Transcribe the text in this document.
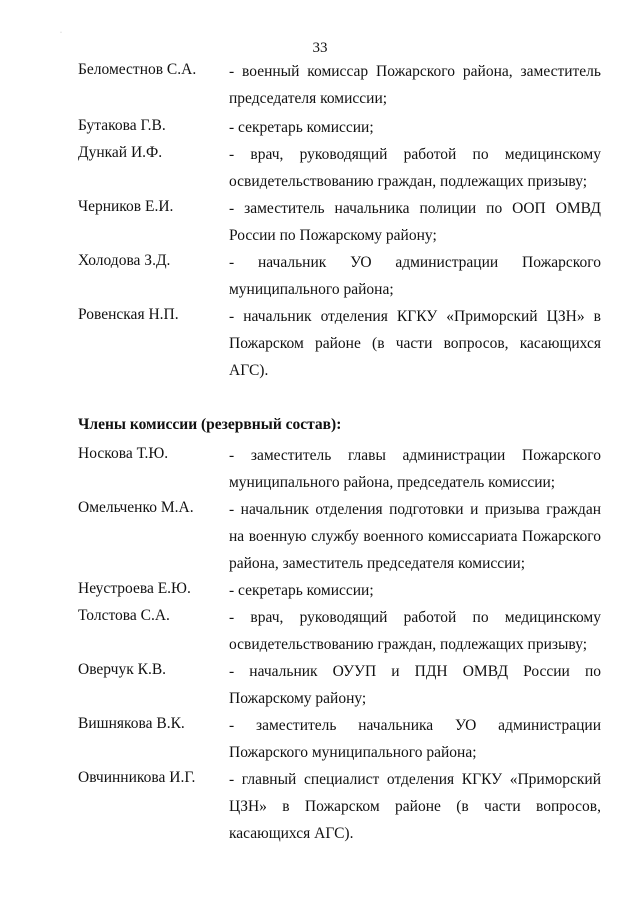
·
33
Беломестнов С.А.	- военный комиссар Пожарского района, заместитель председателя комиссии;
Бутакова Г.В.	- секретарь комиссии;
Дункай И.Ф.	- врач, руководящий работой по медицинскому освидетельствованию граждан, подлежащих призыву;
Черников Е.И.	- заместитель начальника полиции по ООП ОМВД России по Пожарскому району;
Холодова З.Д.	- начальник УО администрации Пожарского муниципального района;
Ровенская Н.П.	- начальник отделения КГКУ «Приморский ЦЗН» в Пожарском районе (в части вопросов, касающихся АГС).
Члены комиссии (резервный состав):
Носкова Т.Ю.	- заместитель главы администрации Пожарского муниципального района, председатель комиссии;
Омельченко М.А.	- начальник отделения подготовки и призыва граждан на военную службу военного комиссариата Пожарского района, заместитель председателя комиссии;
Неустроева Е.Ю.	- секретарь комиссии;
Толстова С.А.	- врач, руководящий работой по медицинскому освидетельствованию граждан, подлежащих призыву;
Оверчук К.В.	- начальник ОУУП и ПДН ОМВД России по Пожарскому району;
Вишнякова В.К.	- заместитель начальника УО администрации Пожарского муниципального района;
Овчинникова И.Г.	- главный специалист отделения КГКУ «Приморский ЦЗН» в Пожарском районе (в части вопросов, касающихся АГС).
